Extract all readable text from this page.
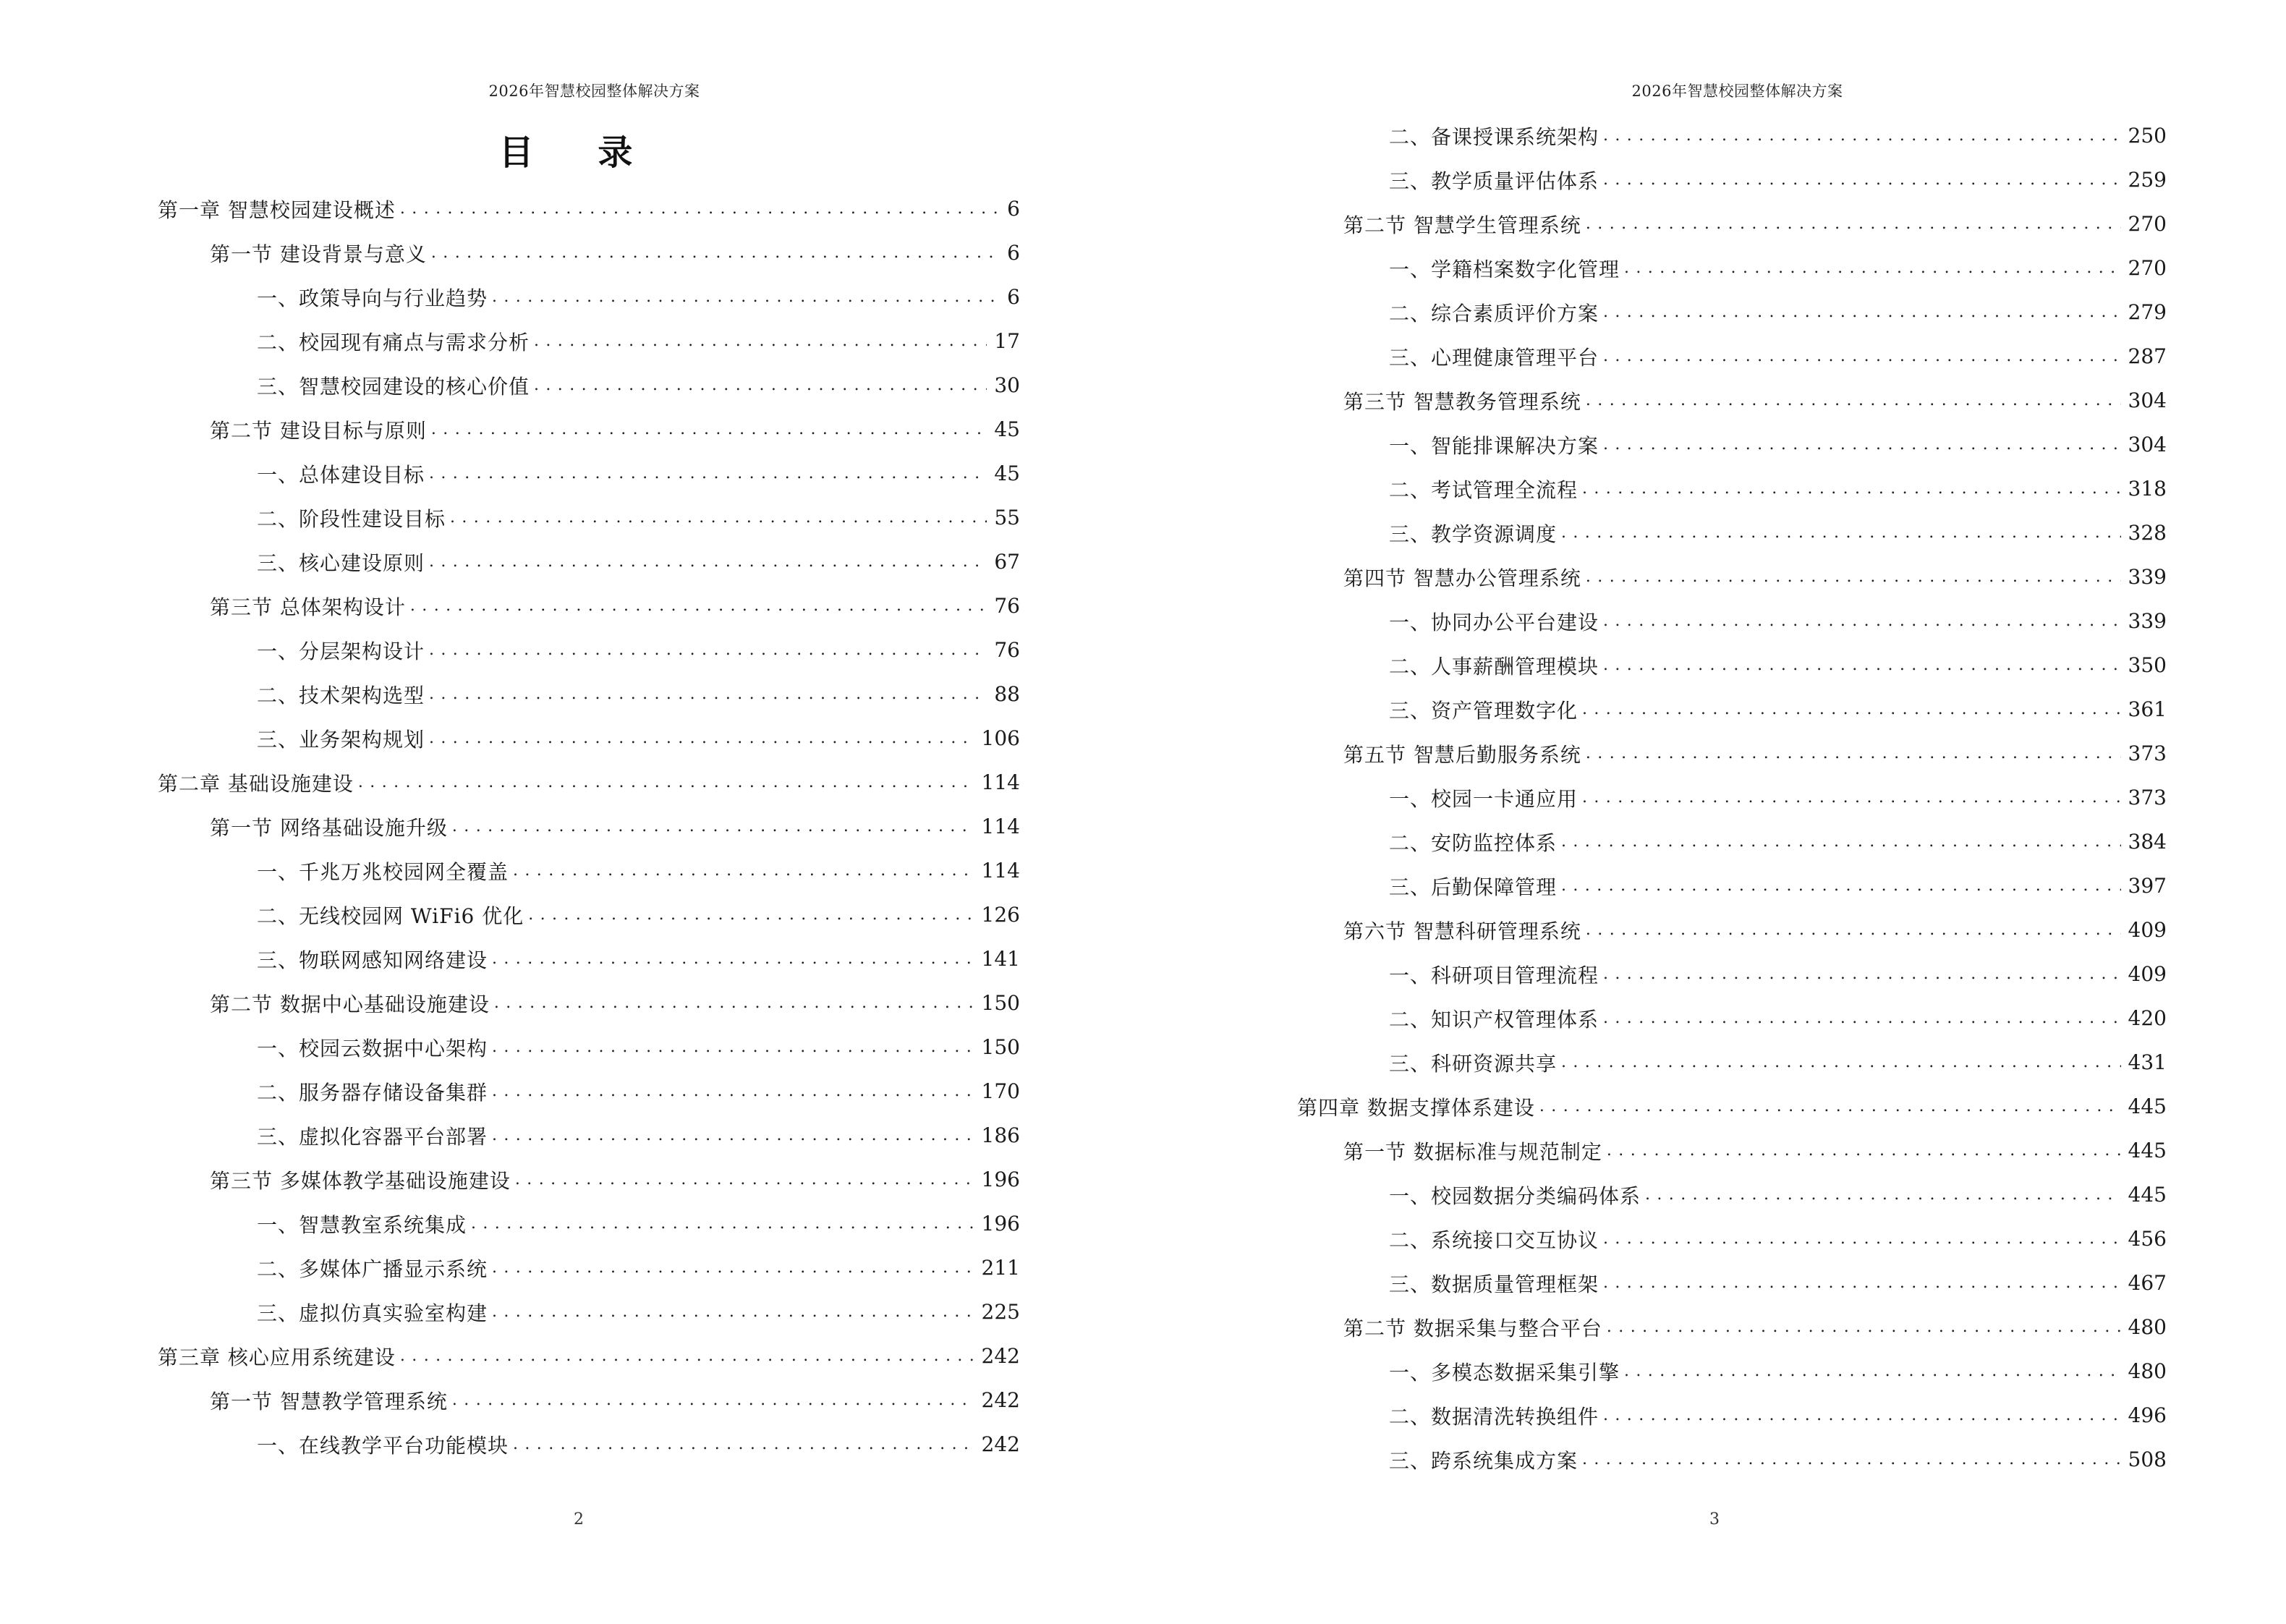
2026年智慧校园整体解决方案
目 录
第一章 智慧校园建设概述 .....	6
第一节 建设背景与意义 .....	6
一、政策导向与行业趋势 .....	6
二、校园现有痛点与需求分析 .....	17
三、智慧校园建设的核心价值 .....	30
第二节 建设目标与原则 .....	45
一、总体建设目标 .....	45
二、阶段性建设目标 .....	55
三、核心建设原则 .....	67
第三节 总体架构设计 .....	76
一、分层架构设计 .....	76
二、技术架构选型 .....	88
三、业务架构规划 .....	106
第二章 基础设施建设 .....	114
第一节 网络基础设施升级 .....	114
一、千兆万兆校园网全覆盖 .....	114
二、无线校园网 WiFi6 优化 .....	126
三、物联网感知网络建设 .....	141
第二节 数据中心基础设施建设 .....	150
一、校园云数据中心架构 .....	150
二、服务器存储设备集群 .....	170
三、虚拟化容器平台部署 .....	186
第三节 多媒体教学基础设施建设 .....	196
一、智慧教室系统集成 .....	196
二、多媒体广播显示系统 .....	211
三、虚拟仿真实验室构建 .....	225
第三章 核心应用系统建设 .....	242
第一节 智慧教学管理系统 .....	242
一、在线教学平台功能模块 .....	242
2
2026年智慧校园整体解决方案
二、备课授课系统架构 .....	250
三、教学质量评估体系 .....	259
第二节 智慧学生管理系统 .....	270
一、学籍档案数字化管理 .....	270
二、综合素质评价方案 .....	279
三、心理健康管理平台 .....	287
第三节 智慧教务管理系统 .....	304
一、智能排课解决方案 .....	304
二、考试管理全流程 .....	318
三、教学资源调度 .....	328
第四节 智慧办公管理系统 .....	339
一、协同办公平台建设 .....	339
二、人事薪酬管理模块 .....	350
三、资产管理数字化 .....	361
第五节 智慧后勤服务系统 .....	373
一、校园一卡通应用 .....	373
二、安防监控体系 .....	384
三、后勤保障管理 .....	397
第六节 智慧科研管理系统 .....	409
一、科研项目管理流程 .....	409
二、知识产权管理体系 .....	420
三、科研资源共享 .....	431
第四章 数据支撑体系建设 .....	445
第一节 数据标准与规范制定 .....	445
一、校园数据分类编码体系 .....	445
二、系统接口交互协议 .....	456
三、数据质量管理框架 .....	467
第二节 数据采集与整合平台 .....	480
一、多模态数据采集引擎 .....	480
二、数据清洗转换组件 .....	496
三、跨系统集成方案 .....	508
3
